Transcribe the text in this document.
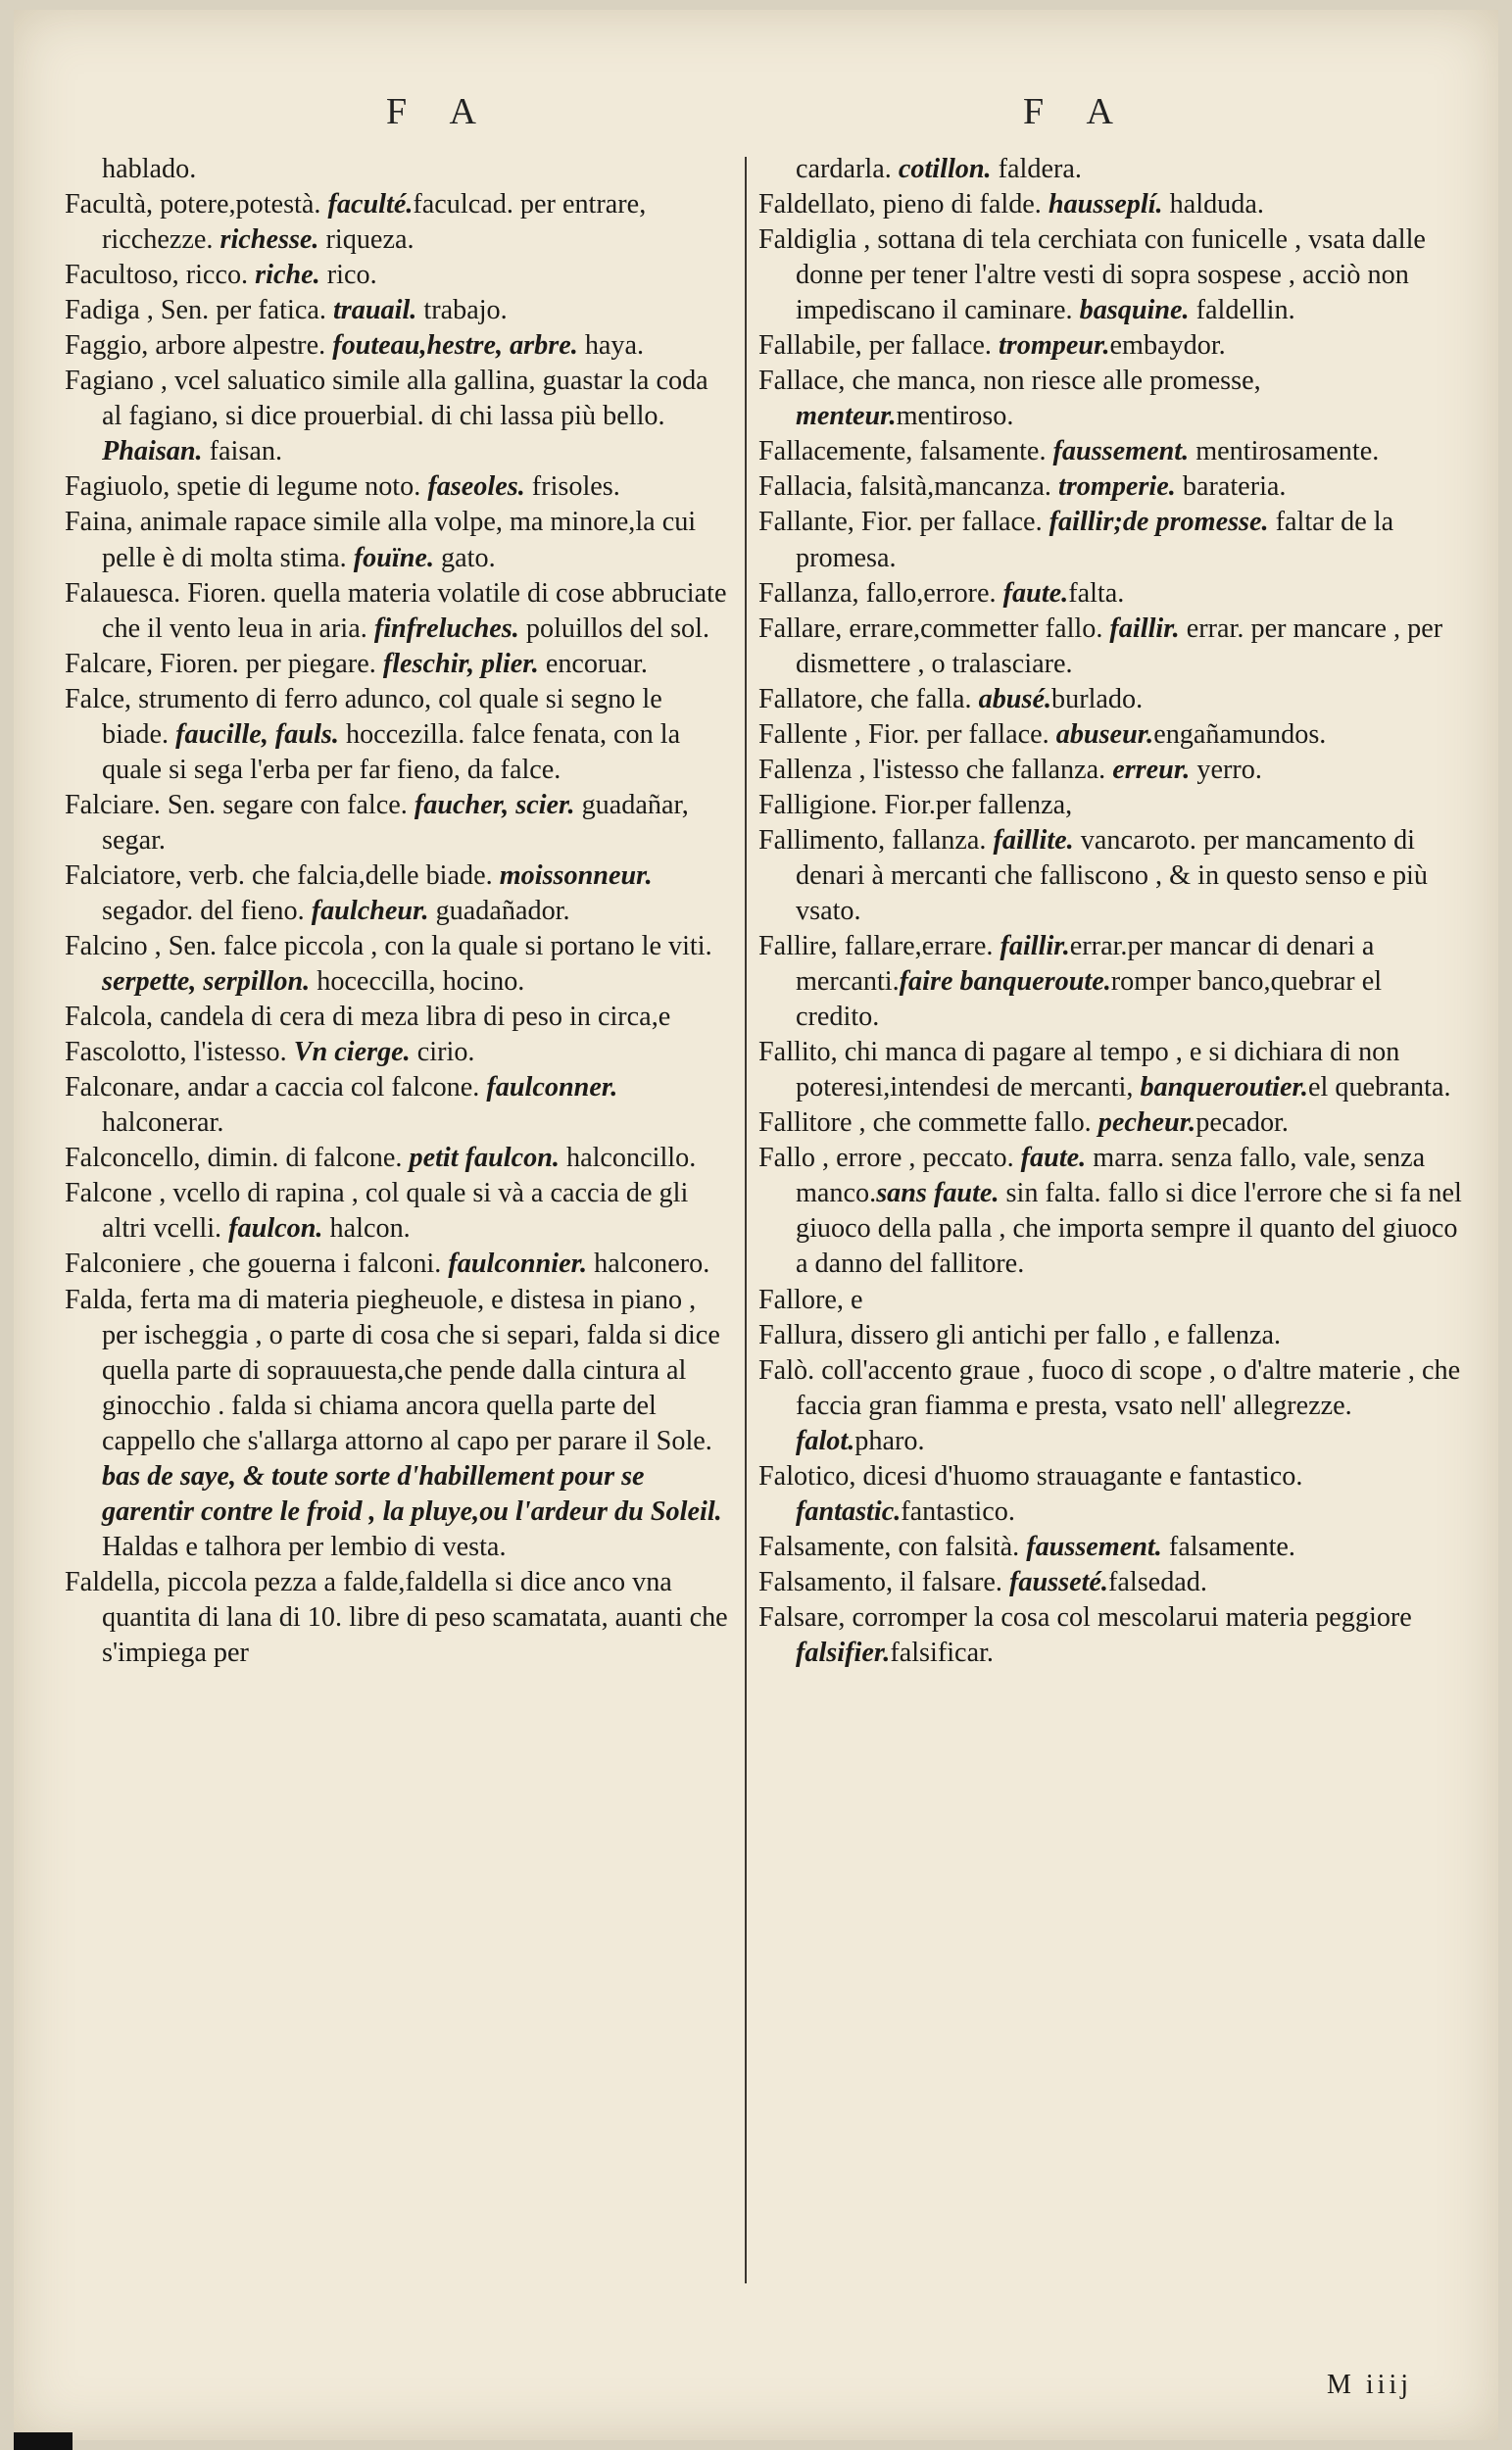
F A	F A

hablado.

Facultà, potere,potestà. faculté.faculcad. per entrare, ricchezze. richesse. riqueza.

Facultoso, ricco. riche. rico.

Fadiga , Sen. per fatica. trauail. trabajo.

Faggio, arbore alpestre. fouteau,hestre, arbre. haya.

Fagiano , vcel saluatico simile alla gallina, guastar la coda al fagiano, si dice prouerbial. di chi lassa più bello. Phaisan. faisan.

Fagiuolo, spetie di legume noto. faseoles. frisoles.

Faina, animale rapace simile alla volpe, ma minore,la cui pelle è di molta stima. fouïne. gato.

Falauesca. Fioren. quella materia volatile di cose abbruciate che il vento leua in aria. finfreluches. poluillos del sol.

Falcare, Fioren. per piegare. fleschir, plier. encoruar.

Falce, strumento di ferro adunco, col quale si segno le biade. faucille, fauls. hoccezilla. falce fenata, con la quale si sega l'erba per far fieno, da falce.

Falciare. Sen. segare con falce. faucher, scier. guadañar, segar.

Falciatore, verb. che falcia,delle biade. moissonneur. segador. del fieno. faulcheur. guadañador.

Falcino , Sen. falce piccola , con la quale si portano le viti. serpette, serpillon. hoceccilla, hocino.

Falcola, candela di cera di meza libra di peso in circa,e

Fascolotto, l'istesso. Vn cierge. cirio.

Falconare, andar a caccia col falcone. faulconner. halconerar.

Falconcello, dimin. di falcone. petit faulcon. halconcillo.

Falcone , vcello di rapina , col quale si và a caccia de gli altri vcelli. faulcon. halcon.

Falconiere , che gouerna i falconi. faulconnier. halconero.

Falda, ferta ma di materia piegheuole, e distesa in piano , per ischeggia , o parte di cosa che si separi, falda si dice quella parte di soprauuesta,che pende dalla cintura al ginocchio . falda si chiama ancora quella parte del cappello che s'allarga attorno al capo per parare il Sole. bas de saye, & toute sorte d'habillement pour se garentir contre le froid , la pluye,ou l'ardeur du Soleil. Haldas e talhora per lembio di vesta.

Faldella, piccola pezza a falde,faldella si dice anco vna quantita di lana di 10. libre di peso scamatata, auanti che s'impiega per

cardarla. cotillon. faldera.

Faldellato, pieno di falde. hausseplí. halduda.

Faldiglia , sottana di tela cerchiata con funicelle , vsata dalle donne per tener l'altre vesti di sopra sospese , acciò non impediscano il caminare. basquine. faldellin.

Fallabile, per fallace. trompeur.embaydor.

Fallace, che manca, non riesce alle promesse, menteur.mentiroso.

Fallacemente, falsamente. faussement. mentirosamente.

Fallacia, falsità,mancanza. tromperie. barateria.

Fallante, Fior. per fallace. faillir;de promesse. faltar de la promesa.

Fallanza, fallo,errore. faute.falta.

Fallare, errare,commetter fallo. faillir. errar. per mancare , per dismettere , o tralasciare.

Fallatore, che falla. abusé.burlado.

Fallente , Fior. per fallace. abuseur.engañamundos.

Fallenza , l'istesso che fallanza. erreur. yerro.

Falligione. Fior.per fallenza,

Fallimento, fallanza. faillite. vancaroto. per mancamento di denari à mercanti che falliscono , & in questo senso e più vsato.

Fallire, fallare,errare. faillir.errar.per mancar di denari a mercanti.faire banqueroute.romper banco,quebrar el credito.

Fallito, chi manca di pagare al tempo , e si dichiara di non poteresi,intendesi de mercanti, banqueroutier.el quebranta.

Fallitore , che commette fallo. pecheur.pecador.

Fallo , errore , peccato. faute. marra. senza fallo, vale, senza manco.sans faute. sin falta. fallo si dice l'errore che si fa nel giuoco della palla , che importa sempre il quanto del giuoco a danno del fallitore.

Fallore, e

Fallura, dissero gli antichi per fallo , e fallenza.

Falò. coll'accento graue , fuoco di scope , o d'altre materie , che faccia gran fiamma e presta, vsato nell' allegrezze. falot.pharo.

Falotico, dicesi d'huomo strauagante e fantastico. fantastic.fantastico.

Falsamente, con falsità. faussement. falsamente.

Falsamento, il falsare. fausseté.falsedad.

Falsare, corromper la cosa col mescolarui materia peggiore falsifier.falsificar.

M iiij
